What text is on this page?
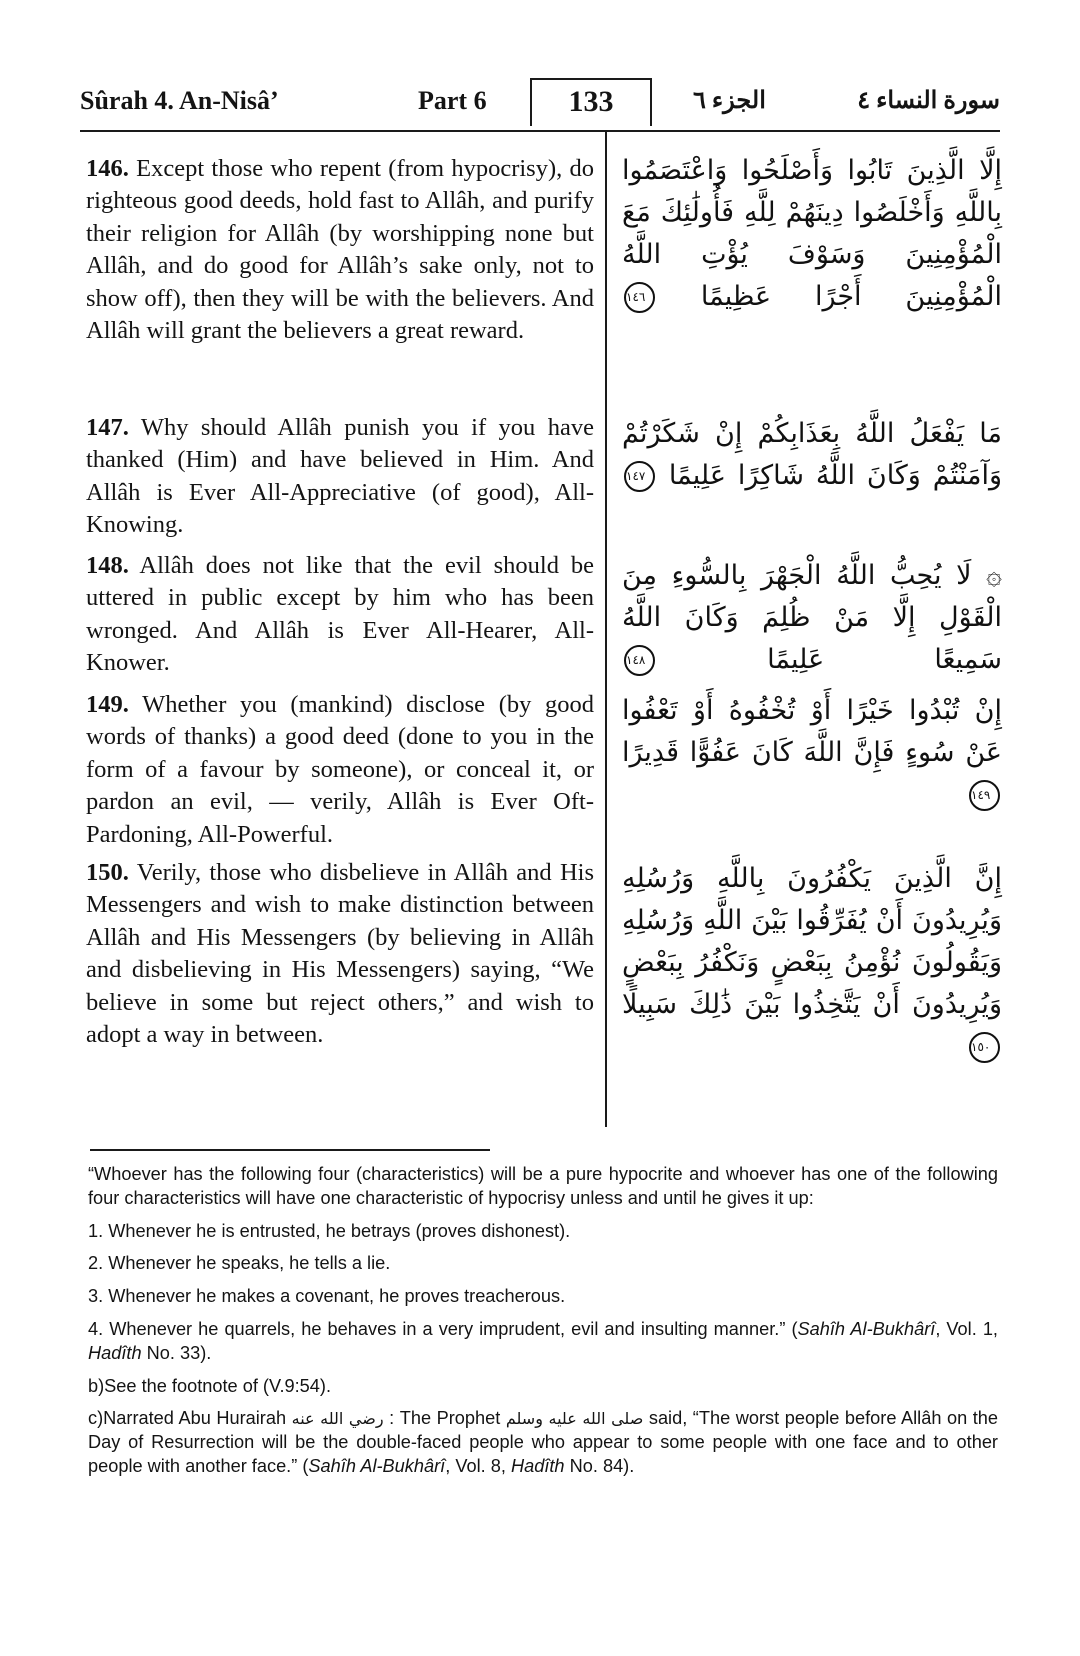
Sûrah 4. An-Nisâ’	Part 6	133	الجزء ٦	سورة النساء ٤
146. Except those who repent (from hypocrisy), do righteous good deeds, hold fast to Allâh, and purify their religion for Allâh (by worshipping none but Allâh, and do good for Allâh’s sake only, not to show off), then they will be with the believers. And Allâh will grant the believers a great reward.
إِلَّا الَّذِينَ تَابُوا وَأَصْلَحُوا وَاعْتَصَمُوا بِاللَّهِ وَأَخْلَصُوا دِينَهُمْ لِلَّهِ فَأُولَٰئِكَ مَعَ الْمُؤْمِنِينَ وَسَوْفَ يُؤْتِ اللَّهُ الْمُؤْمِنِينَ أَجْرًا عَظِيمًا ١٤٦
147. Why should Allâh punish you if you have thanked (Him) and have believed in Him. And Allâh is Ever All-Appreciative (of good), All-Knowing.
مَا يَفْعَلُ اللَّهُ بِعَذَابِكُمْ إِنْ شَكَرْتُمْ وَآمَنْتُمْ وَكَانَ اللَّهُ شَاكِرًا عَلِيمًا ١٤٧
148. Allâh does not like that the evil should be uttered in public except by him who has been wronged. And Allâh is Ever All-Hearer, All-Knower.
۞ لَا يُحِبُّ اللَّهُ الْجَهْرَ بِالسُّوءِ مِنَ الْقَوْلِ إِلَّا مَنْ ظُلِمَ وَكَانَ اللَّهُ سَمِيعًا عَلِيمًا ١٤٨
149. Whether you (mankind) disclose (by good words of thanks) a good deed (done to you in the form of a favour by someone), or conceal it, or pardon an evil, — verily, Allâh is Ever Oft-Pardoning, All-Powerful.
إِنْ تُبْدُوا خَيْرًا أَوْ تُخْفُوهُ أَوْ تَعْفُوا عَنْ سُوءٍ فَإِنَّ اللَّهَ كَانَ عَفُوًّا قَدِيرًا ١٤٩
150. Verily, those who disbelieve in Allâh and His Messengers and wish to make distinction between Allâh and His Messengers (by believing in Allâh and disbelieving in His Messengers) saying, “We believe in some but reject others,” and wish to adopt a way in between.
إِنَّ الَّذِينَ يَكْفُرُونَ بِاللَّهِ وَرُسُلِهِ وَيُرِيدُونَ أَنْ يُفَرِّقُوا بَيْنَ اللَّهِ وَرُسُلِهِ وَيَقُولُونَ نُؤْمِنُ بِبَعْضٍ وَنَكْفُرُ بِبَعْضٍ وَيُرِيدُونَ أَنْ يَتَّخِذُوا بَيْنَ ذَٰلِكَ سَبِيلًا ١٥٠

“Whoever has the following four (characteristics) will be a pure hypocrite and whoever has one of the following four characteristics will have one characteristic of hypocrisy unless and until he gives it up:

1. Whenever he is entrusted, he betrays (proves dishonest).

2. Whenever he speaks, he tells a lie.

3. Whenever he makes a covenant, he proves treacherous.

4. Whenever he quarrels, he behaves in a very imprudent, evil and insulting manner.” (Sahîh Al-Bukhârî, Vol. 1, Hadîth No. 33).

b)See the footnote of (V.9:54).

c)Narrated Abu Hurairah رضي الله عنه : The Prophet صلى الله عليه وسلم said, “The worst people before Allâh on the Day of Resurrection will be the double-faced people who appear to some people with one face and to other people with another face.” (Sahîh Al-Bukhârî, Vol. 8, Hadîth No. 84).
